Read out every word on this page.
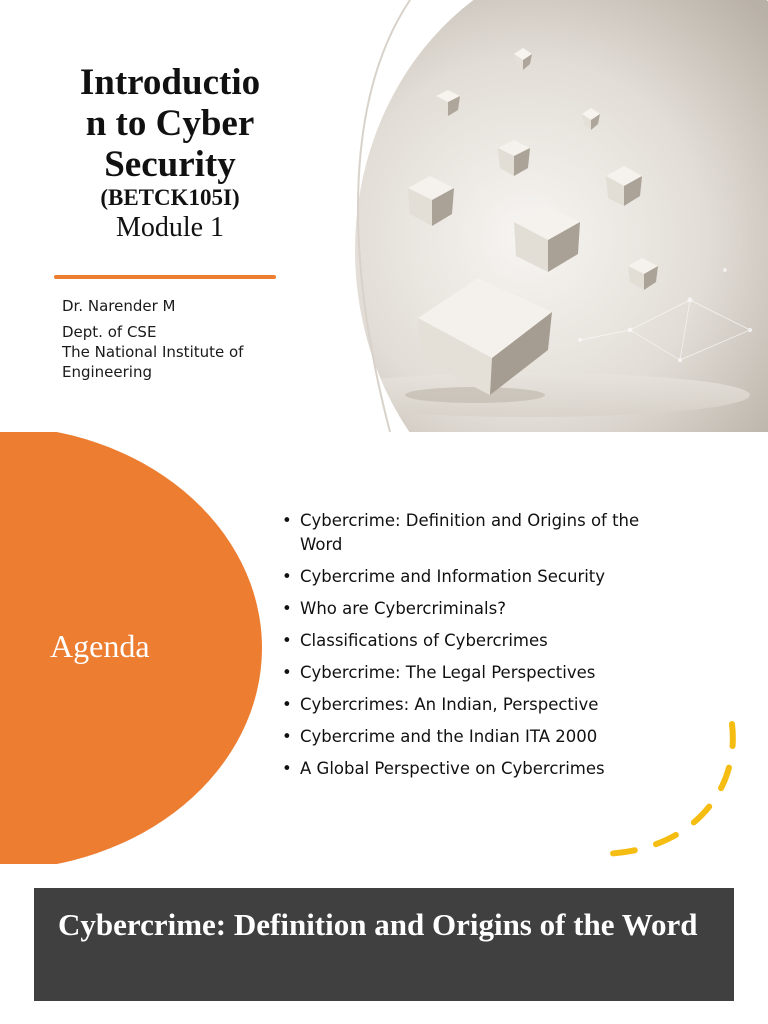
Introductio
n to Cyber
Security
(BETCK105I)
Module 1
Dr. Narender M
Dept. of CSE
The National Institute of
Engineering
Agenda
• Cybercrime: Definition and Origins of the
Word
• Cybercrime and Information Security
• Who are Cybercriminals?
• Classifications of Cybercrimes
• Cybercrime: The Legal Perspectives
• Cybercrimes: An Indian, Perspective
• Cybercrime and the Indian ITA 2000
• A Global Perspective on Cybercrimes
Cybercrime: Definition and Origins of the Word
